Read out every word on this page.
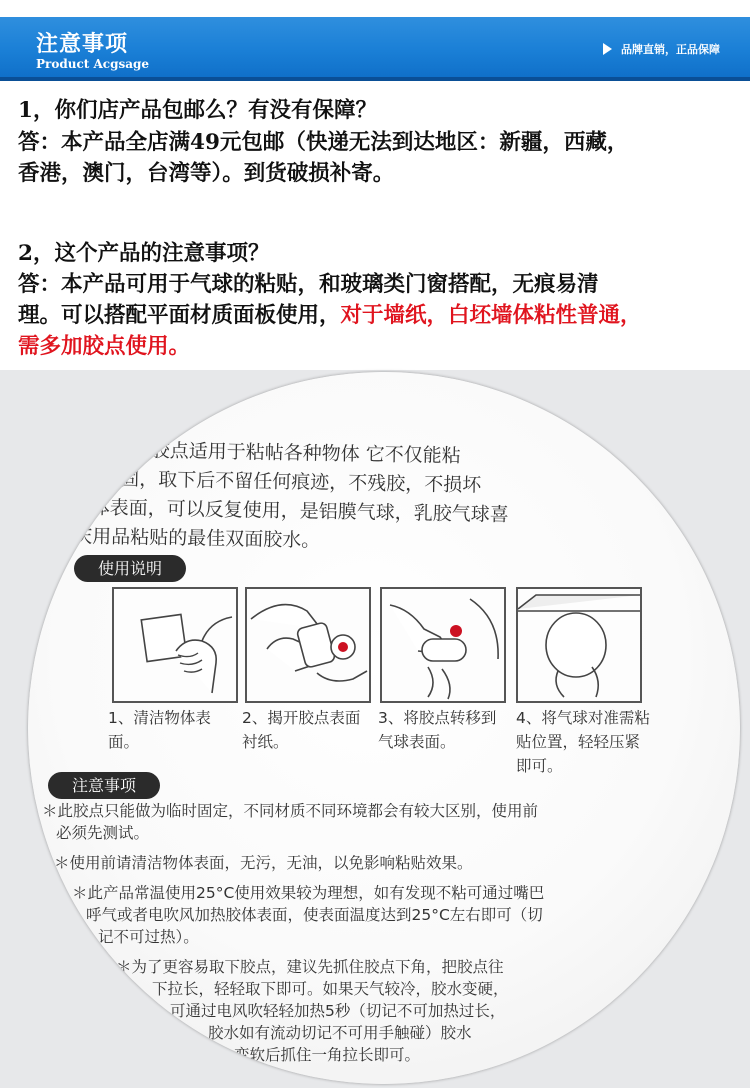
注意事项
Product Acgsage
品牌直销，正品保障
1，你们店产品包邮么？有没有保障？
答：本产品全店满49元包邮（快递无法到达地区：新疆，西藏，
香港，澳门，台湾等）。到货破损补寄。
2，这个产品的注意事项？
答：本产品可用于气球的粘贴，和玻璃类门窗搭配，无痕易清
理。可以搭配平面材质面板使用，对于墙纸，白坯墙体粘性普通，
需多加胶点使用。
气球胶点适用于粘帖各种物体 它不仅能粘
得牢固，取下后不留任何痕迹，不残胶，不损坏
物体表面，可以反复使用，是铝膜气球，乳胶气球喜
庆用品粘贴的最佳双面胶水。
使用说明
1、清洁物体表面。
2、揭开胶点表面衬纸。
3、将胶点转移到气球表面。
4、将气球对准需粘贴位置，轻轻压紧即可。
注意事项
＊此胶点只能做为临时固定，不同材质不同环境都会有较大区别，使用前
必须先测试。
＊使用前请清洁物体表面，无污，无油，以免影响粘贴效果。
＊此产品常温使用25°C使用效果较为理想，如有发现不粘可通过嘴巴
呼气或者电吹风加热胶体表面，使表面温度达到25°C左右即可（切
记不可过热）。
＊为了更容易取下胶点，建议先抓住胶点下角，把胶点往
下拉长，轻轻取下即可。如果天气较冷，胶水变硬，
可通过电风吹轻轻加热5秒（切记不可加热过长，
胶水如有流动切记不可用手触碰）胶水
变软后抓住一角拉长即可。
